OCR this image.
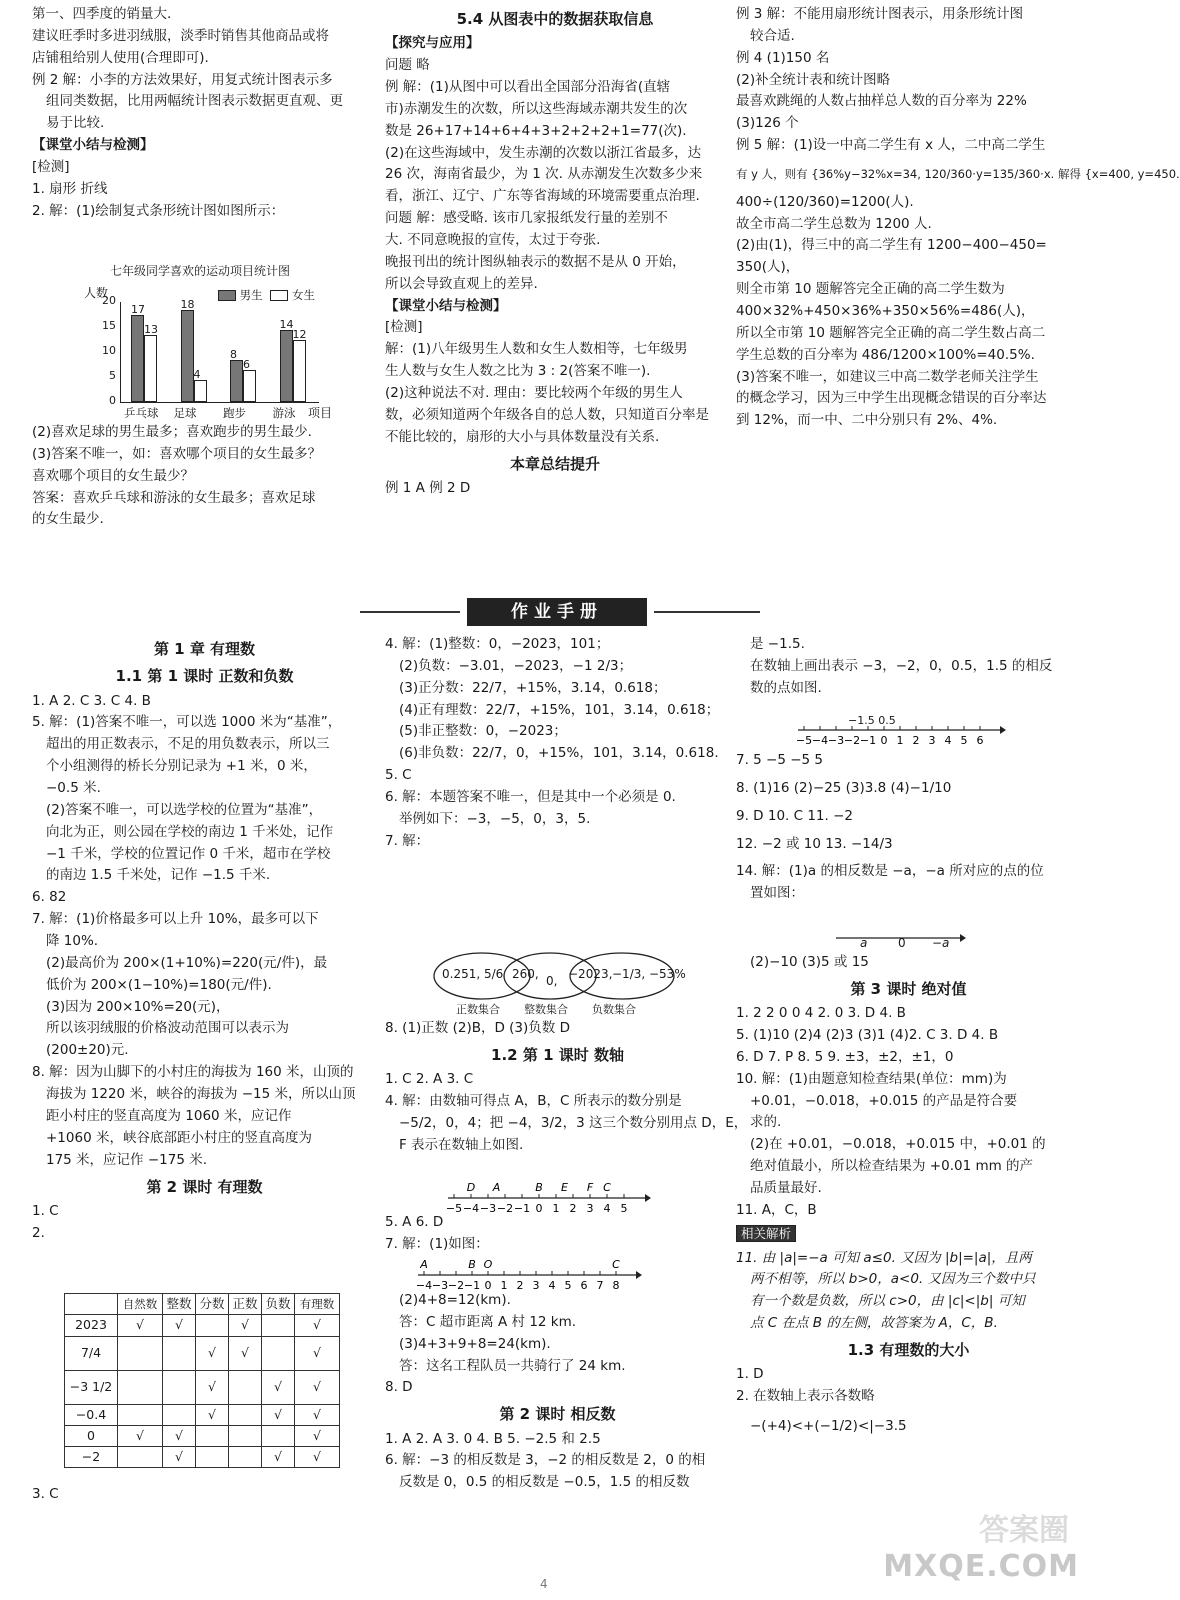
第一、四季度的销量大.

建议旺季时多进羽绒服，淡季时销售其他商品或将

店铺租给别人使用(合理即可).

例 2 解：小李的方法效果好，用复式统计图表示多

组同类数据，比用两幅统计图表示数据更直观、更

易于比较.

【课堂小结与检测】

[检测]

1. 扇形 折线

2. 解：(1)绘制复式条形统计图如图所示：

七年级同学喜欢的运动项目统计图
人数	男生	女生
17
13
18
4
8
6
14
12
0
5
10
15
20
乒乓球 足球 跑步 游泳 项目

(2)喜欢足球的男生最多；喜欢跑步的男生最少.

(3)答案不唯一，如：喜欢哪个项目的女生最多？

喜欢哪个项目的女生最少？

答案：喜欢乒乓球和游泳的女生最多；喜欢足球

的女生最少.

5.4 从图表中的数据获取信息

【探究与应用】

问题 略

例 解：(1)从图中可以看出全国部分沿海省(直辖

市)赤潮发生的次数，所以这些海域赤潮共发生的次

数是 26+17+14+6+4+3+2+2+2+1=77(次).

(2)在这些海域中，发生赤潮的次数以浙江省最多，达

26 次，海南省最少，为 1 次. 从赤潮发生次数多少来

看，浙江、辽宁、广东等省海域的环境需要重点治理.

问题 解：感受略. 该市几家报纸发行量的差别不

大. 不同意晚报的宣传，太过于夸张.

晚报刊出的统计图纵轴表示的数据不是从 0 开始，

所以会导致直观上的差异.

【课堂小结与检测】

[检测]

解：(1)八年级男生人数和女生人数相等，七年级男

生人数与女生人数之比为 3 : 2(答案不唯一).

(2)这种说法不对. 理由：要比较两个年级的男生人

数，必须知道两个年级各自的总人数，只知道百分率是

不能比较的，扇形的大小与具体数量没有关系.

本章总结提升

例 1 A 例 2 D

例 3 解：不能用扇形统计图表示，用条形统计图

较合适.

例 4 (1)150 名

(2)补全统计表和统计图略

最喜欢跳绳的人数占抽样总人数的百分率为 22%

(3)126 个

例 5 解：(1)设一中高二学生有 x 人，二中高二学生

有 y 人，则有 {36%y−32%x=34, 120/360·y=135/360·x. 解得 {x=400, y=450.

400÷(120/360)=1200(人).

故全市高二学生总数为 1200 人.

(2)由(1)，得三中的高二学生有 1200−400−450=

350(人)，

则全市第 10 题解答完全正确的高二学生数为

400×32%+450×36%+350×56%=486(人)，

所以全市第 10 题解答完全正确的高二学生数占高二

学生总数的百分率为 486/1200×100%=40.5%.

(3)答案不唯一，如建议三中高二数学老师关注学生

的概念学习，因为三中学生出现概念错误的百分率达

到 12%，而一中、二中分别只有 2%、4%.

作业手册

第 1 章 有理数

1.1 第 1 课时 正数和负数

1. A 2. C 3. C 4. B

5. 解：(1)答案不唯一，可以选 1000 米为“基准”，

超出的用正数表示，不足的用负数表示，所以三

个小组测得的桥长分别记录为 +1 米，0 米，

−0.5 米.

(2)答案不唯一，可以选学校的位置为“基准”，

向北为正，则公园在学校的南边 1 千米处，记作

−1 千米，学校的位置记作 0 千米，超市在学校

的南边 1.5 千米处，记作 −1.5 千米.

6. 82

7. 解：(1)价格最多可以上升 10%，最多可以下

降 10%.

(2)最高价为 200×(1+10%)=220(元/件)，最

低价为 200×(1−10%)=180(元/件).

(3)因为 200×10%=20(元)，

所以该羽绒服的价格波动范围可以表示为

(200±20)元.

8. 解：因为山脚下的小村庄的海拔为 160 米，山顶的

海拔为 1220 米，峡谷的海拔为 −15 米，所以山顶

距小村庄的竖直高度为 1060 米，应记作

+1060 米，峡谷底部距小村庄的竖直高度为

175 米，应记作 −175 米.

第 2 课时 有理数

1. C

2.

	自然数	整数	分数	正数	负数	有理数
2023	√	√		√		√
7/4			√	√		√
−3 1/2			√		√	√
−0.4			√		√	√
0	√	√				√
−2		√			√	√

3. C

4. 解：(1)整数：0，−2023，101；

(2)负数：−3.01，−2023，−1 2/3；

(3)正分数：22/7，+15%，3.14，0.618；

(4)正有理数：22/7，+15%，101，3.14，0.618；

(5)非正整数：0，−2023；

(6)非负数：22/7，0，+15%，101，3.14，0.618.

5. C

6. 解：本题答案不唯一，但是其中一个必须是 0.

举例如下：−3，−5，0，3，5.

7. 解：

0.251, 5/6 260, 0, −2023, −1/3, −53%
正数集合 整数集合 负数集合

8. (1)正数 (2)B，D (3)负数 D

1.2 第 1 课时 数轴

1. C 2. A 3. C

4. 解：由数轴可得点 A，B，C 所表示的数分别是

−5/2，0，4；把 −4，3/2，3 这三个数分别用点 D，E，

F 表示在数轴上如图.

−5 −4 −3 −2 −1 0 1 2 3 4 5
D A	B E F C

5. A 6. D

7. 解：(1)如图：

−4 −3 −2 −1 0 1 2 3 4 5 6 7 8
A	B O	C

(2)4+8=12(km).

答：C 超市距离 A 村 12 km.

(3)4+3+9+8=24(km).

答：这名工程队员一共骑行了 24 km.

8. D

第 2 课时 相反数

1. A 2. A 3. 0 4. B 5. −2.5 和 2.5

6. 解：−3 的相反数是 3，−2 的相反数是 2，0 的相

反数是 0，0.5 的相反数是 −0.5，1.5 的相反数

是 −1.5.

在数轴上画出表示 −3，−2，0，0.5，1.5 的相反

数的点如图.

−1.5 0.5
−5 −4 −3 −2 −1 0 1 2 3 4 5 6

7. 5 −5 −5 5

8. (1)16 (2)−25 (3)3.8 (4)−1/10

9. D 10. C 11. −2

12. −2 或 10 13. −14/3

14. 解：(1)a 的相反数是 −a，−a 所对应的点的位

置如图：

a	0 −a

(2)−10 (3)5 或 15

第 3 课时 绝对值

1. 2 2 0 0 4 2. 0 3. D 4. B

5. (1)10 (2)4 (2)3 (3)1 (4)2. C 3. D 4. B

6. D 7. P 8. 5 9. ±3，±2，±1，0

10. 解：(1)由题意知检查结果(单位：mm)为

+0.01，−0.018，+0.015 的产品是符合要

求的.

(2)在 +0.01，−0.018，+0.015 中，+0.01 的

绝对值最小，所以检查结果为 +0.01 mm 的产

品质量最好.

11. A，C，B

相关解析

11. 由 |a|=−a 可知 a≤0. 又因为 |b|=|a|，且两

两不相等，所以 b>0，a<0. 又因为三个数中只

有一个数是负数，所以 c>0，由 |c|<|b| 可知

点 C 在点 B 的左侧，故答案为 A，C，B.

1.3 有理数的大小

1. D

2. 在数轴上表示各数略

−(+4)<+(−1/2)<|−3.5

答案圈
MXQE.COM
4
